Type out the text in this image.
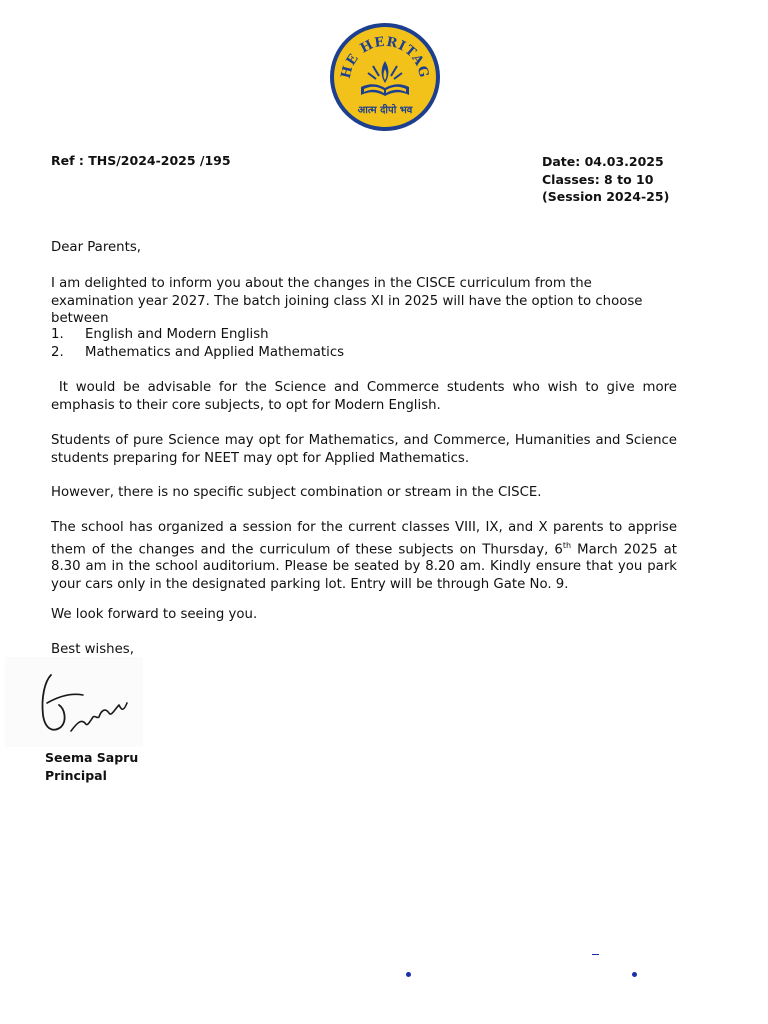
HE HERITAG
आत्म दीपो भव
Ref : THS/2024-2025 /195	Date: 04.03.2025
Classes: 8 to 10
(Session 2024-25)
Dear Parents,
I am delighted to inform you about the changes in the CISCE curriculum from the examination year 2027. The batch joining class XI in 2025 will have the option to choose between
1. English and Modern English
2. Mathematics and Applied Mathematics
It would be advisable for the Science and Commerce students who wish to give more emphasis to their core subjects, to opt for Modern English.
Students of pure Science may opt for Mathematics, and Commerce, Humanities and Science students preparing for NEET may opt for Applied Mathematics.
However, there is no specific subject combination or stream in the CISCE.
The school has organized a session for the current classes VIII, IX, and X parents to apprise them of the changes and the curriculum of these subjects on Thursday, 6th March 2025 at 8.30 am in the school auditorium. Please be seated by 8.20 am. Kindly ensure that you park your cars only in the designated parking lot. Entry will be through Gate No. 9.
We look forward to seeing you.
Best wishes,
Seema Sapru
Principal
